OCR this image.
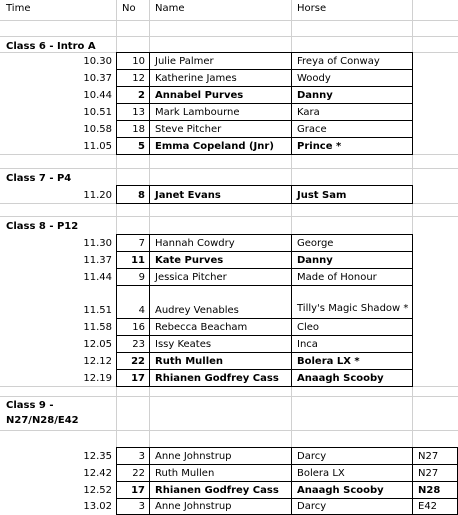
Time	No	Name	Horse
Class 6 - Intro A
10.30	10	Julie Palmer	Freya of Conway
10.37	12	Katherine James	Woody
10.44	2	Annabel Purves	Danny
10.51	13	Mark Lambourne	Kara
10.58	18	Steve Pitcher	Grace
11.05	5	Emma Copeland (Jnr)	Prince *
Class 7 - P4
11.20	8	Janet Evans	Just Sam
Class 8 - P12
11.30	7	Hannah Cowdry	George
11.37	11	Kate Purves	Danny
11.44	9	Jessica Pitcher	Made of Honour
11.51	4	Audrey Venables	Tilly's Magic Shadow *
11.58	16	Rebecca Beacham	Cleo
12.05	23	Issy Keates	Inca
12.12	22	Ruth Mullen	Bolera LX *
12.19	17	Rhianen Godfrey Cass	Anaagh Scooby
Class 9 - N27/N28/E42
12.35	3	Anne Johnstrup	Darcy	N27
12.42	22	Ruth Mullen	Bolera LX	N27
12.52	17	Rhianen Godfrey Cass	Anaagh Scooby	N28
13.02	3	Anne Johnstrup	Darcy	E42
